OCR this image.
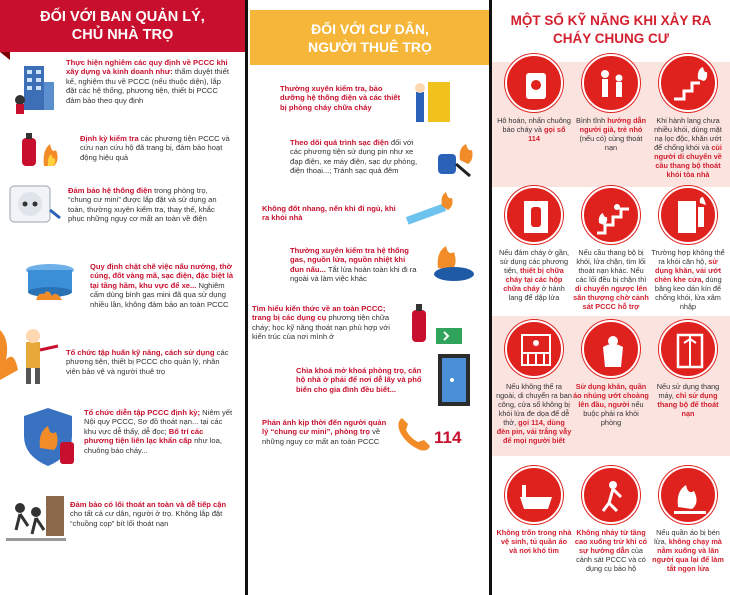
ĐỐI VỚI BAN QUẢN LÝ,
CHỦ NHÀ TRỌ
Thực hiện nghiêm các quy định về PCCC khi xây dựng và kinh doanh như: thẩm duyệt thiết kế, nghiệm thu về PCCC (nếu thuộc diện), lắp đặt các hệ thống, phương tiện, thiết bị PCCC đảm bảo theo quy định
Định kỳ kiểm tra các phương tiện PCCC và cứu nạn cứu hộ đã trang bị, đảm bảo hoạt động hiệu quả
Đảm bảo hệ thống điện trong phòng trọ, “chung cư mini” được lắp đặt và sử dụng an toàn, thường xuyên kiểm tra, thay thế, khắc phục những nguy cơ mất an toàn về điện
Quy định chặt chẽ việc nấu nướng, thờ cúng, đốt vàng mã, sạc điện, đặc biệt là tại tầng hầm, khu vực để xe... Nghiêm cấm dùng bình gas mini đã qua sử dụng nhiều lần, không đảm bảo an toàn PCCC
Tổ chức tập huấn kỹ năng, cách sử dụng các phương tiện, thiết bị PCCC cho quản lý, nhân viên bảo vệ và người thuê trọ
Tổ chức diễn tập PCCC định kỳ; Niêm yết Nội quy PCCC, Sơ đồ thoát nạn... tại các khu vực dễ thấy, dễ đọc; Bố trí các phương tiện liên lạc khẩn cấp như loa, chuông báo cháy...
Đảm bảo có lối thoát an toàn và dễ tiếp cận cho tất cả cư dân, người ở trọ. Không lắp đặt “chuồng cọp” bít lối thoát nạn
ĐỐI VỚI CƯ DÂN,
NGƯỜI THUÊ TRỌ
Thường xuyên kiểm tra, bảo dưỡng hệ thống điện và các thiết bị phòng cháy chữa cháy
Theo dõi quá trình sạc điện đối với các phương tiện sử dụng pin như xe đạp điện, xe máy điện, sạc dự phòng, điện thoại...; Tránh sạc quá đêm
Không đốt nhang, nến khi đi ngủ, khi ra khỏi nhà
Thường xuyên kiểm tra hệ thống gas, nguồn lửa, nguồn nhiệt khi đun nấu... Tắt lửa hoàn toàn khi đi ra ngoài và làm việc khác
Tìm hiểu kiến thức về an toàn PCCC; trang bị các dụng cụ phương tiện chữa cháy; học kỹ năng thoát nạn phù hợp với kiến trúc của nơi mình ở
Chìa khoá mở khoá phòng trọ, căn hộ nhà ở phải để nơi dễ lấy và phổ biến cho gia đình đều biết...
Phản ánh kịp thời đến người quản lý “chung cư mini”, phòng trọ về những nguy cơ mất an toàn PCCC	114
MỘT SỐ KỸ NĂNG KHI XẢY RA
CHÁY CHUNG CƯ
Hô hoán, nhấn chuông báo cháy và gọi số 114
Bình tĩnh hướng dẫn người già, trẻ nhỏ (nếu có) cùng thoát nạn
Khi hành lang chưa nhiều khói, dùng mặt nạ lọc độc, khăn ướt để chống khói và cùi người di chuyển về cầu thang bộ thoát khỏi tòa nhà
Nếu đám cháy ở gần, sử dụng các phương tiện, thiết bị chữa cháy tại các hộp chữa cháy ở hành lang để dập lửa
Nếu cầu thang bộ bị khói, lửa chặn, tìm lối thoát nạn khác. Nếu các lối đều bị chặn thì di chuyển ngược lên sân thượng chờ cảnh sát PCCC hỗ trợ
Trường hợp không thể ra khỏi căn hộ, sử dụng khăn, vải ướt chèn khe cửa, dùng băng keo dán kín để chống khói, lửa xâm nhập
Nếu không thể ra ngoài, di chuyển ra ban công, cửa sổ không bị khói lửa đe dọa để dễ thở, gọi 114, dùng đèn pin, vải trắng vẫy để mọi người biết
Sử dụng khăn, quần áo nhúng ướt choàng lên đầu, người nếu buộc phải ra khỏi phòng
Nếu sử dụng thang máy, chỉ sử dụng thang bộ để thoát nạn
Không trốn trong nhà vệ sinh, tủ quần áo và nơi khó tìm
Không nhảy từ tầng cao xuống trừ khi có sự hướng dẫn của cảnh sát PCCC và có dụng cụ bảo hộ
Nếu quần áo bị bén lửa, không chạy mà nằm xuống và lăn người qua lại để làm tắt ngọn lửa
